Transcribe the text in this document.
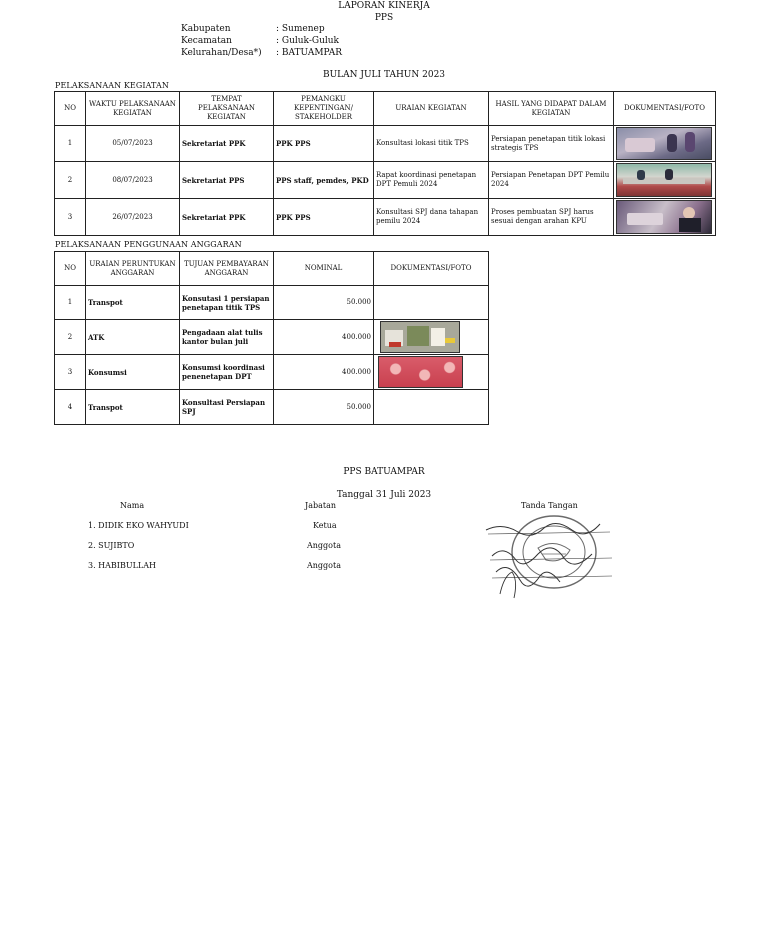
LAPORAN KINERJA
PPS
Kabupaten	: Sumenep
Kecamatan	: Guluk-Guluk
Kelurahan/Desa*) : BATUAMPAR
BULAN JULI TAHUN 2023
PELAKSANAAN KEGIATAN
NO	WAKTU PELAKSANAAN KEGIATAN	TEMPAT PELAKSANAAN KEGIATAN	PEMANGKU KEPENTINGAN/ STAKEHOLDER	URAIAN KEGIATAN	HASIL YANG DIDAPAT DALAM KEGIATAN	DOKUMENTASI/FOTO
1	05/07/2023	Sekretariat PPK	PPK PPS	Konsultasi lokasi titik TPS	Persiapan penetapan titik lokasi strategis TPS	

2	08/07/2023	Sekretariat PPS	PPS staff, pemdes, PKD	Rapat koordinasi penetapan DPT Pemuli 2024	Persiapan Penetapan DPT Pemilu 2024	

3	26/07/2023	Sekretariat PPK	PPK PPS	Konsultasi SPJ dana tahapan pemilu 2024	Proses pembuatan SPJ harus sesuai dengan arahan KPU	
PELAKSANAAN PENGGUNAAN ANGGARAN
NO	URAIAN PERUNTUKAN ANGGARAN	TUJUAN PEMBAYARAN ANGGARAN	NOMINAL	DOKUMENTASI/FOTO
1	Transpot	Konsutasi 1 persiapan penetapan titik TPS	50.000	
2	ATK	Pengadaan alat tulis kantor bulan juli	400.000	

3	Konsumsi	Konsumsi koordinasi penenetapan DPT	400.000	

4	Transpot	Konsultasi Persiapan SPJ	50.000	
PPS BATUAMPAR
Tanggal 31 Juli 2023
Nama	Jabatan	Tanda Tangan
1. DIDIK EKO WAHYUDI	Ketua
2. SUJIBTO	Anggota
3. HABIBULLAH	Anggota
